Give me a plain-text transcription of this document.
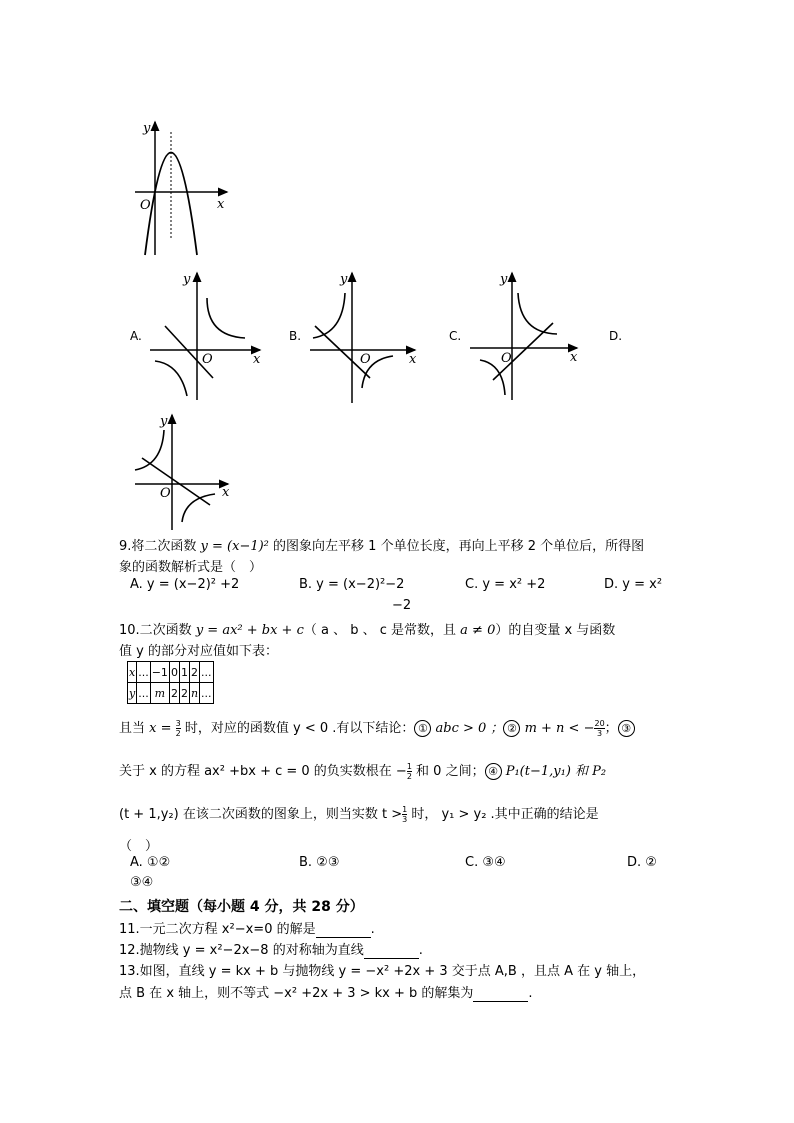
y
x
O
A.
y
x
O
B.
y
x
O
C.
y
x
O
D.
y
x
O
9.将二次函数 y = (x−1)² 的图象向左平移 1 个单位长度，再向上平移 2 个单位后，所得图
象的函数解析式是（　）
A. y = (x−2)² +2	B. y = (x−2)²−2	C. y = x² +2	D. y = x²
−2
10.二次函数 y = ax² + bx + c（ a 、 b 、 c 是常数，且 a ≠ 0）的自变量 x 与函数
值 y 的部分对应值如下表：
x	...	−1	0	1	2	...
y	...	m	2	2	n	...
且当 $x = \frac{3}{2}$ 时，对应的函数值 y < 0 .有以下结论： ① abc > 0 ； ② m + n < − $\frac{20}{3}$ ； ③
关于 x 的方程 ax² +bx + c = 0 的负实数根在 − $\frac{1}{2}$ 和 0 之间； ④ P₁(t−1,y₁) 和 P₂
(t + 1,y₂) 在该二次函数的图象上，则当实数 $t > \frac{1}{3}$ 时， y₁ > y₂ .其中正确的结论是
（　）
A. ①②	B. ②③	C. ③④	D. ②
③④
二、填空题（每小题 4 分，共 28 分）
11.一元二次方程 x²−x=0 的解是	.
12.抛物线 y = x²−2x−8 的对称轴为直线	.
13.如图，直线 y = kx + b 与抛物线 y = −x² +2x + 3 交于点 A,B ，且点 A 在 y 轴上，
点 B 在 x 轴上，则不等式 −x² +2x + 3 > kx + b 的解集为	.
